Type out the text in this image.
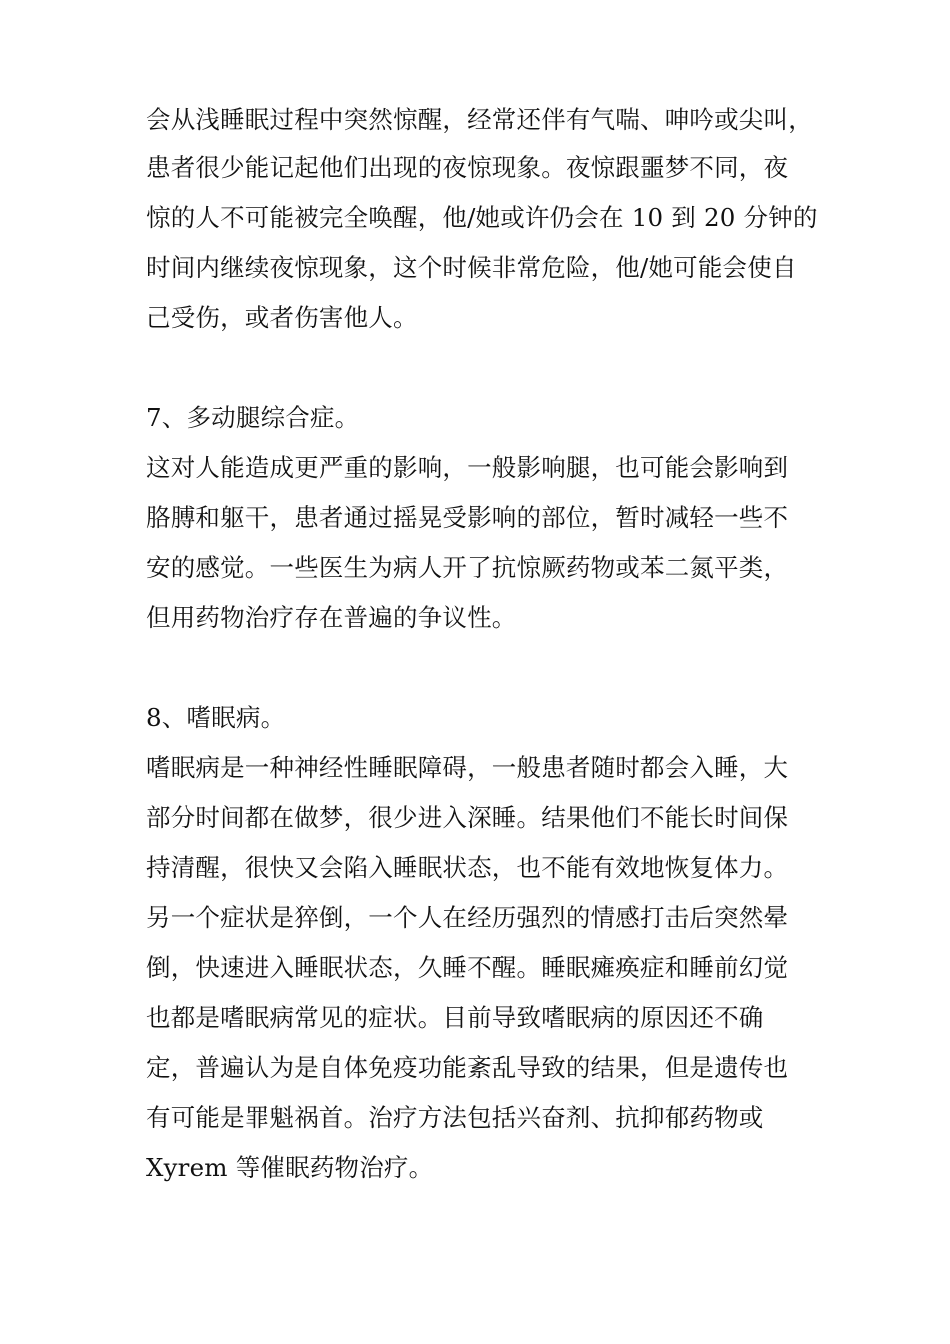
会从浅睡眠过程中突然惊醒，经常还伴有气喘、呻吟或尖叫，
患者很少能记起他们出现的夜惊现象。夜惊跟噩梦不同，夜
惊的人不可能被完全唤醒，他/她或许仍会在 10 到 20 分钟的
时间内继续夜惊现象，这个时候非常危险，他/她可能会使自
己受伤，或者伤害他人。
7、多动腿综合症。
这对人能造成更严重的影响，一般影响腿，也可能会影响到
胳膊和躯干，患者通过摇晃受影响的部位，暂时减轻一些不
安的感觉。一些医生为病人开了抗惊厥药物或苯二氮平类，
但用药物治疗存在普遍的争议性。
8、嗜眠病。
嗜眠病是一种神经性睡眠障碍，一般患者随时都会入睡，大
部分时间都在做梦，很少进入深睡。结果他们不能长时间保
持清醒，很快又会陷入睡眠状态，也不能有效地恢复体力。
另一个症状是猝倒，一个人在经历强烈的情感打击后突然晕
倒，快速进入睡眠状态，久睡不醒。睡眠瘫痪症和睡前幻觉
也都是嗜眠病常见的症状。目前导致嗜眠病的原因还不确
定，普遍认为是自体免疫功能紊乱导致的结果，但是遗传也
有可能是罪魁祸首。治疗方法包括兴奋剂、抗抑郁药物或
Xyrem 等催眠药物治疗。
